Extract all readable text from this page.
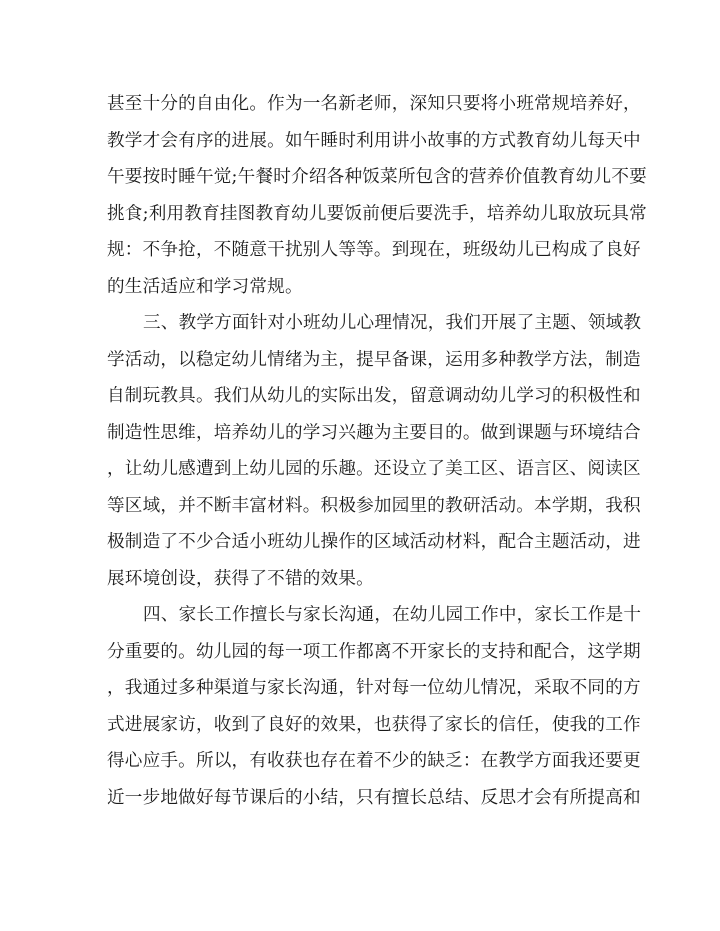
甚至十分的自由化。作为一名新老师，深知只要将小班常规培养好，
教学才会有序的进展。如午睡时利用讲小故事的方式教育幼儿每天中
午要按时睡午觉;午餐时介绍各种饭菜所包含的营养价值教育幼儿不要
挑食;利用教育挂图教育幼儿要饭前便后要洗手，培养幼儿取放玩具常
规：不争抢，不随意干扰别人等等。到现在，班级幼儿已构成了良好
的生活适应和学习常规。
三、教学方面针对小班幼儿心理情况，我们开展了主题、领域教
学活动，以稳定幼儿情绪为主，提早备课，运用多种教学方法，制造
自制玩教具。我们从幼儿的实际出发，留意调动幼儿学习的积极性和
制造性思维，培养幼儿的学习兴趣为主要目的。做到课题与环境结合
，让幼儿感遭到上幼儿园的乐趣。还设立了美工区、语言区、阅读区
等区域，并不断丰富材料。积极参加园里的教研活动。本学期，我积
极制造了不少合适小班幼儿操作的区域活动材料，配合主题活动，进
展环境创设，获得了不错的效果。
四、家长工作擅长与家长沟通，在幼儿园工作中，家长工作是十
分重要的。幼儿园的每一项工作都离不开家长的支持和配合，这学期
，我通过多种渠道与家长沟通，针对每一位幼儿情况，采取不同的方
式进展家访，收到了良好的效果，也获得了家长的信任，使我的工作
得心应手。所以，有收获也存在着不少的缺乏：在教学方面我还要更
近一步地做好每节课后的小结，只有擅长总结、反思才会有所提高和
